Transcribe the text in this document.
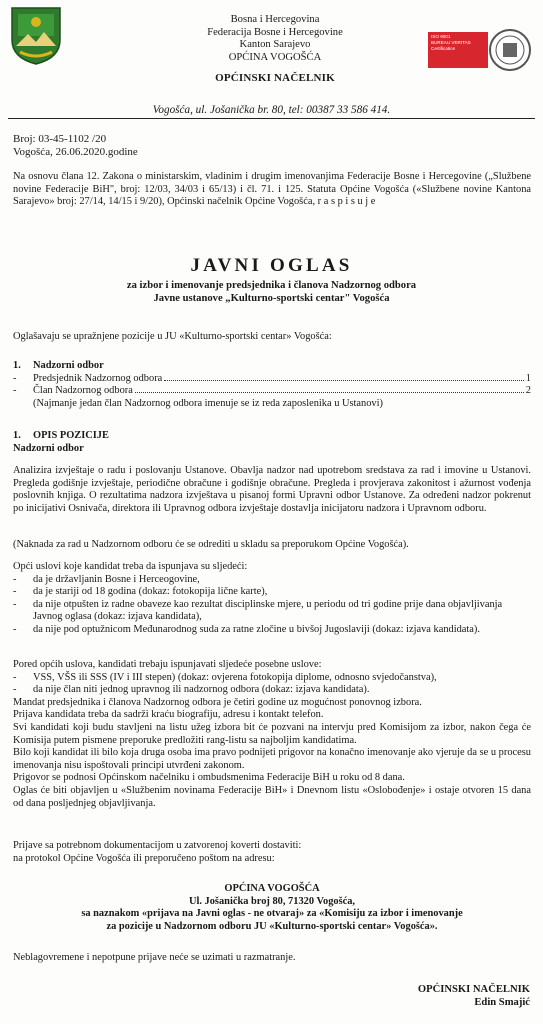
Bosna i Hercegovina
Federacija Bosne i Hercegovine
Kanton Sarajevo
OPĆINA VOGOŠĆA
OPĆINSKI NAČELNIK
ISO 9001
BUREAU VERITAS
Certification
Vogošća, ul. Jošanička br. 80, tel: 00387 33 586 414.
Broj: 03-45-1102 /20
Vogošća, 26.06.2020.godine
Na osnovu člana 12. Zakona o ministarskim, vladinim i drugim imenovanjima Federacije Bosne i Hercegovine („Službene novine Federacije BiH", broj: 12/03, 34/03 i 65/13) i čl. 71. i 125. Statuta Općine Vogošća («Službene novine Kantona Sarajevo» broj: 27/14, 14/15 i 9/20), Općinski načelnik Općine Vogošća, r a s p i s u j e
JAVNI OGLAS
za izbor i imenovanje predsjednika i članova Nadzornog odbora
Javne ustanove „Kulturno-sportski centar" Vogošća
Oglašavaju se upražnjene pozicije u JU «Kulturno-sportski centar» Vogošća:
1.	Nadzorni odbor
-	Predsjednik Nadzornog odbora	1
-	Član Nadzornog odbora	2
(Najmanje jedan član Nadzornog odbora imenuje se iz reda zaposlenika u Ustanovi)
1.	OPIS POZICIJE
Nadzorni odbor
Analizira izvještaje o radu i poslovanju Ustanove. Obavlja nadzor nad upotrebom sredstava za rad i imovine u Ustanovi. Pregleda godišnje izvještaje, periodične obračune i godišnje obračune. Pregleda i provjerava zakonitost i ažurnost vođenja poslovnih knjiga. O rezultatima nadzora izvještava u pisanoj formi Upravni odbor Ustanove. Za određeni nadzor pokrenut po inicijativi Osnivača, direktora ili Upravnog odbora izvještaje dostavlja inicijatoru nadzora i Upravnom odboru.
(Naknada za rad u Nadzornom odboru će se odrediti u skladu sa preporukom Općine Vogošća).
Opći uslovi koje kandidat treba da ispunjava su sljedeći:
-	da je državljanin Bosne i Herceogovine,
-	da je stariji od 18 godina (dokaz: fotokopija lične karte),
-	da nije otpušten iz radne obaveze kao rezultat disciplinske mjere, u periodu od tri godine prije dana objavljivanja Javnog oglasa (dokaz: izjava kandidata),
-	da nije pod optužnicom Međunarodnog suda za ratne zločine u bivšoj Jugoslaviji (dokaz: izjava kandidata).
Pored općih uslova, kandidati trebaju ispunjavati sljedeće posebne uslove:
-	VSS, VŠS ili SSS (IV i III stepen) (dokaz: ovjerena fotokopija diplome, odnosno svjedočanstva),
-	da nije član niti jednog upravnog ili nadzornog odbora (dokaz: izjava kandidata).
Mandat predsjednika i članova Nadzornog odbora je četiri godine uz mogućnost ponovnog izbora.
Prijava kandidata treba da sadrži kraću biografiju, adresu i kontakt telefon.
Svi kandidati koji budu stavljeni na listu užeg izbora bit će pozvani na intervju pred Komisijom za izbor, nakon čega će Komisija putem pismene preporuke predložiti rang-listu sa najboljim kandidatima.
Bilo koji kandidat ili bilo koja druga osoba ima pravo podnijeti prigovor na konačno imenovanje ako vjeruje da se u procesu imenovanja nisu ispoštovali principi utvrđeni zakonom.
Prigovor se podnosi Općinskom načelniku i ombudsmenima Federacije BiH u roku od 8 dana.
Oglas će biti objavljen u «Službenim novinama Federacije BiH» i Dnevnom listu «Oslobođenje» i ostaje otvoren 15 dana od dana posljednjeg objavljivanja.
Prijave sa potrebnom dokumentacijom u zatvorenoj koverti dostaviti:
na protokol Općine Vogošća ili preporučeno poštom na adresu:
OPĆINA VOGOŠĆA
Ul. Jošanička broj 80, 71320 Vogošća,
sa naznakom «prijava na Javni oglas - ne otvaraj» za «Komisiju za izbor i imenovanje
za pozicije u Nadzornom odboru JU «Kulturno-sportski centar» Vogošća».
Neblagovremene i nepotpune prijave neće se uzimati u razmatranje.
OPĆINSKI NAČELNIK
Edin Smajić
